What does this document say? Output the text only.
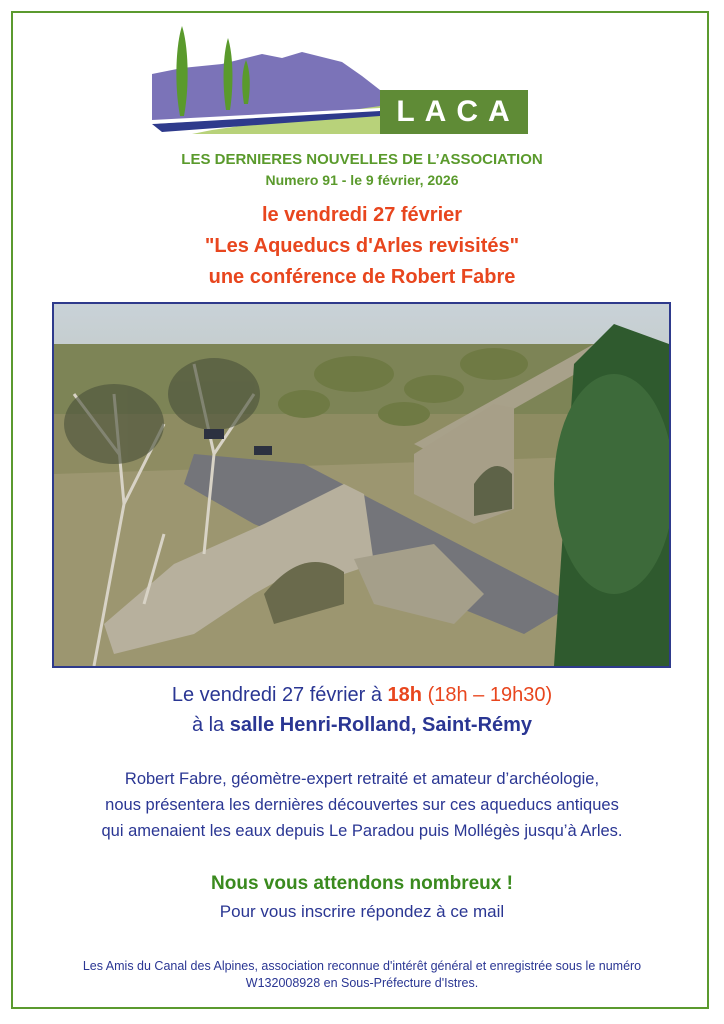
LACA
LES DERNIERES NOUVELLES DE L’ASSOCIATION
Numero 91 - le 9 février, 2026
le vendredi 27 février
"Les Aqueducs d'Arles revisités"
une conférence de Robert Fabre
Le vendredi 27 février à 18h (18h – 19h30)
à la salle Henri-Rolland, Saint-Rémy
Robert Fabre, géomètre-expert retraité et amateur d’archéologie,
nous présentera les dernières découvertes sur ces aqueducs antiques
qui amenaient les eaux depuis Le Paradou puis Mollégès jusqu’à Arles.
Nous vous attendons nombreux !
Pour vous inscrire répondez à ce mail
Les Amis du Canal des Alpines, association reconnue d'intérêt général et enregistrée sous le numéro
W132008928 en Sous-Préfecture d'Istres.
